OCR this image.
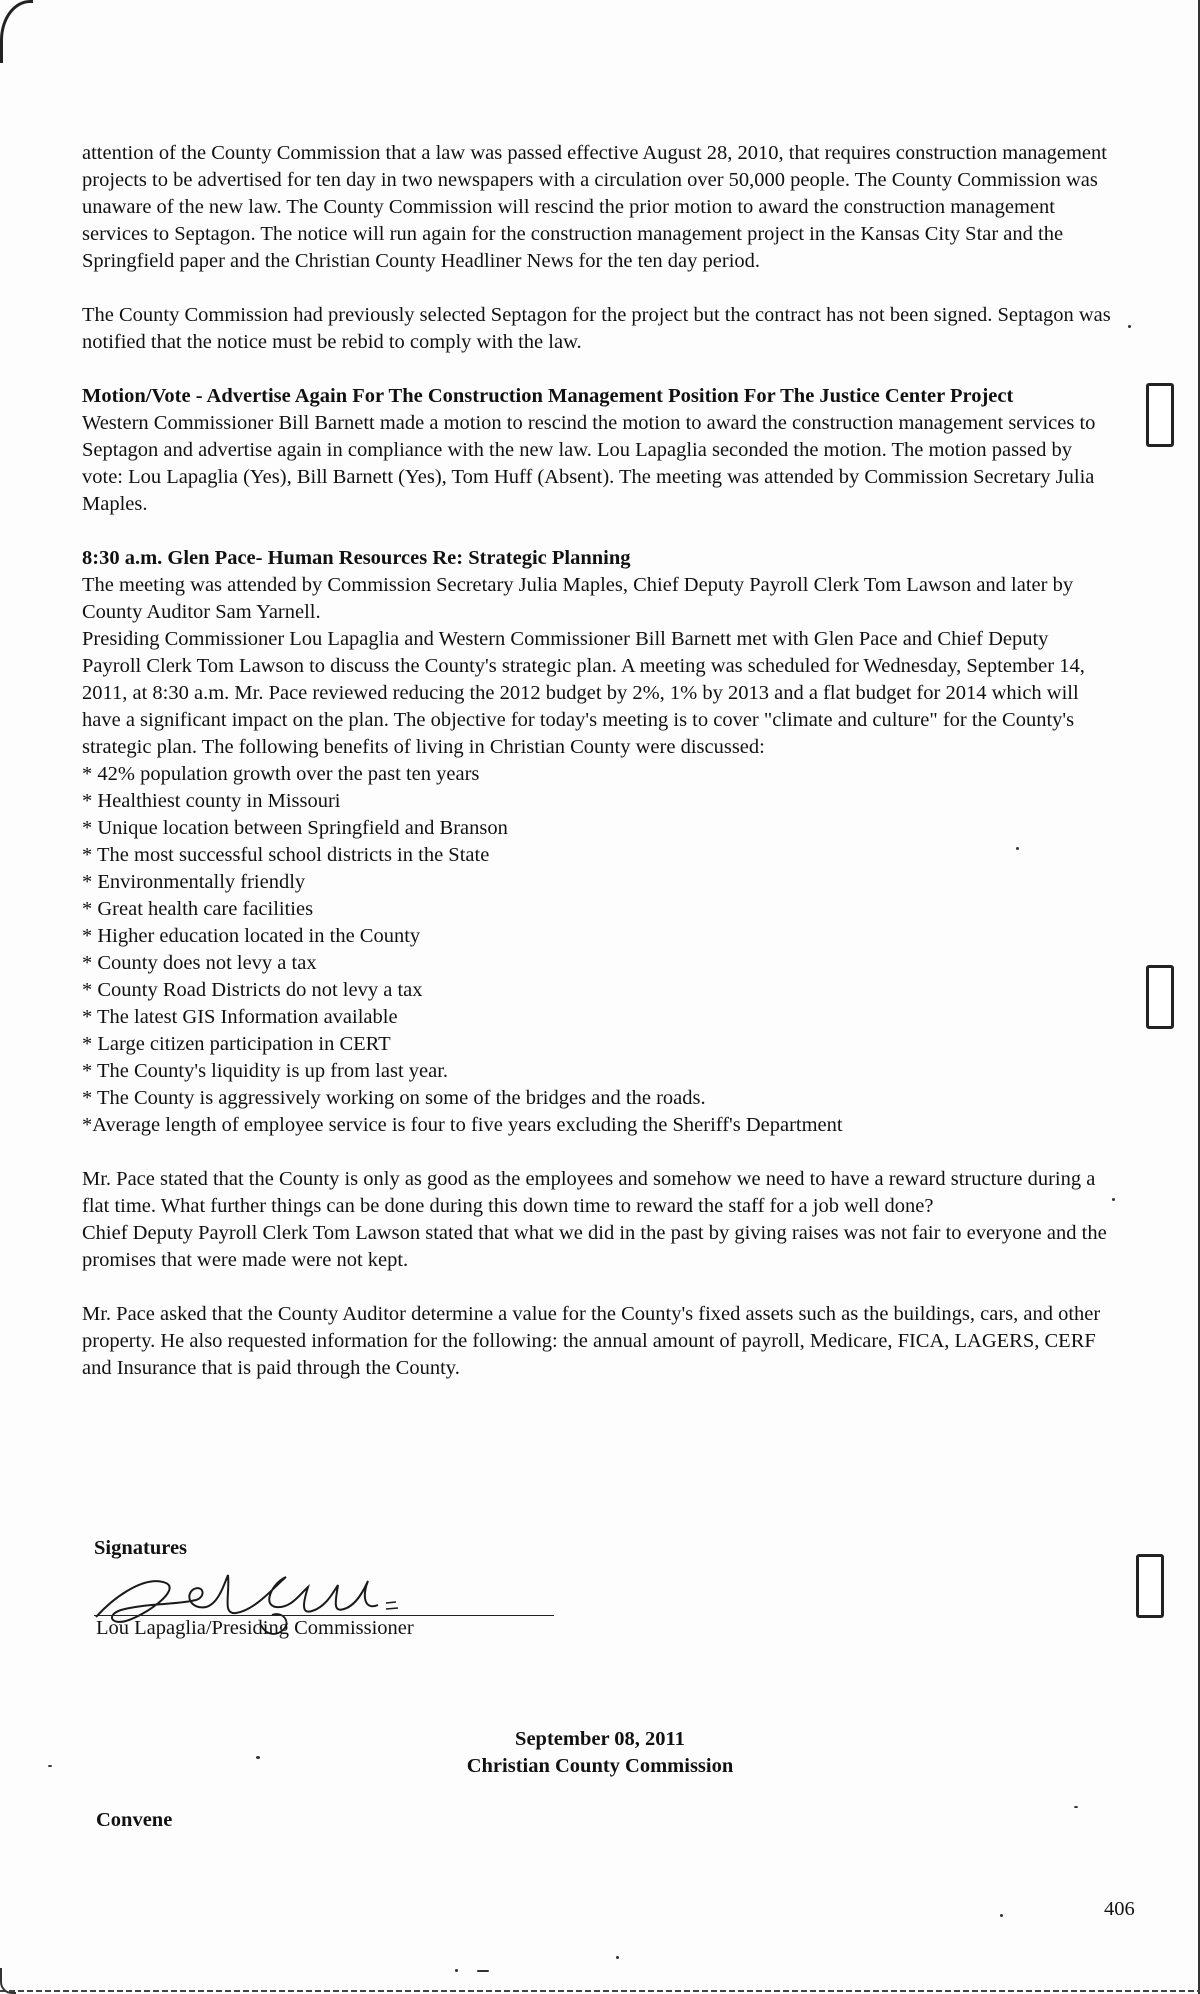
attention of the County Commission that a law was passed effective August 28, 2010, that requires construction management projects to be advertised for ten day in two newspapers with a circulation over 50,000 people. The County Commission was unaware of the new law. The County Commission will rescind the prior motion to award the construction management services to Septagon. The notice will run again for the construction management project in the Kansas City Star and the Springfield paper and the Christian County Headliner News for the ten day period.

The County Commission had previously selected Septagon for the project but the contract has not been signed. Septagon was notified that the notice must be rebid to comply with the law.

Motion/Vote - Advertise Again For The Construction Management Position For The Justice Center Project

Western Commissioner Bill Barnett made a motion to rescind the motion to award the construction management services to Septagon and advertise again in compliance with the new law. Lou Lapaglia seconded the motion. The motion passed by vote: Lou Lapaglia (Yes), Bill Barnett (Yes), Tom Huff (Absent). The meeting was attended by Commission Secretary Julia Maples.

8:30 a.m. Glen Pace- Human Resources Re: Strategic Planning

The meeting was attended by Commission Secretary Julia Maples, Chief Deputy Payroll Clerk Tom Lawson and later by County Auditor Sam Yarnell.

Presiding Commissioner Lou Lapaglia and Western Commissioner Bill Barnett met with Glen Pace and Chief Deputy Payroll Clerk Tom Lawson to discuss the County's strategic plan. A meeting was scheduled for Wednesday, September 14, 2011, at 8:30 a.m. Mr. Pace reviewed reducing the 2012 budget by 2%, 1% by 2013 and a flat budget for 2014 which will have a significant impact on the plan. The objective for today's meeting is to cover "climate and culture" for the County's strategic plan. The following benefits of living in Christian County were discussed:

* 42% population growth over the past ten years
* Healthiest county in Missouri
* Unique location between Springfield and Branson
* The most successful school districts in the State
* Environmentally friendly
* Great health care facilities
* Higher education located in the County
* County does not levy a tax
* County Road Districts do not levy a tax
* The latest GIS Information available
* Large citizen participation in CERT
* The County's liquidity is up from last year.
* The County is aggressively working on some of the bridges and the roads.
*Average length of employee service is four to five years excluding the Sheriff's Department

Mr. Pace stated that the County is only as good as the employees and somehow we need to have a reward structure during a flat time. What further things can be done during this down time to reward the staff for a job well done?

Chief Deputy Payroll Clerk Tom Lawson stated that what we did in the past by giving raises was not fair to everyone and the promises that were made were not kept.

Mr. Pace asked that the County Auditor determine a value for the County's fixed assets such as the buildings, cars, and other property. He also requested information for the following: the annual amount of payroll, Medicare, FICA, LAGERS, CERF and Insurance that is paid through the County.

Signatures
Lou Lapaglia/Presiding Commissioner
September 08, 2011
Christian County Commission
Convene
406
